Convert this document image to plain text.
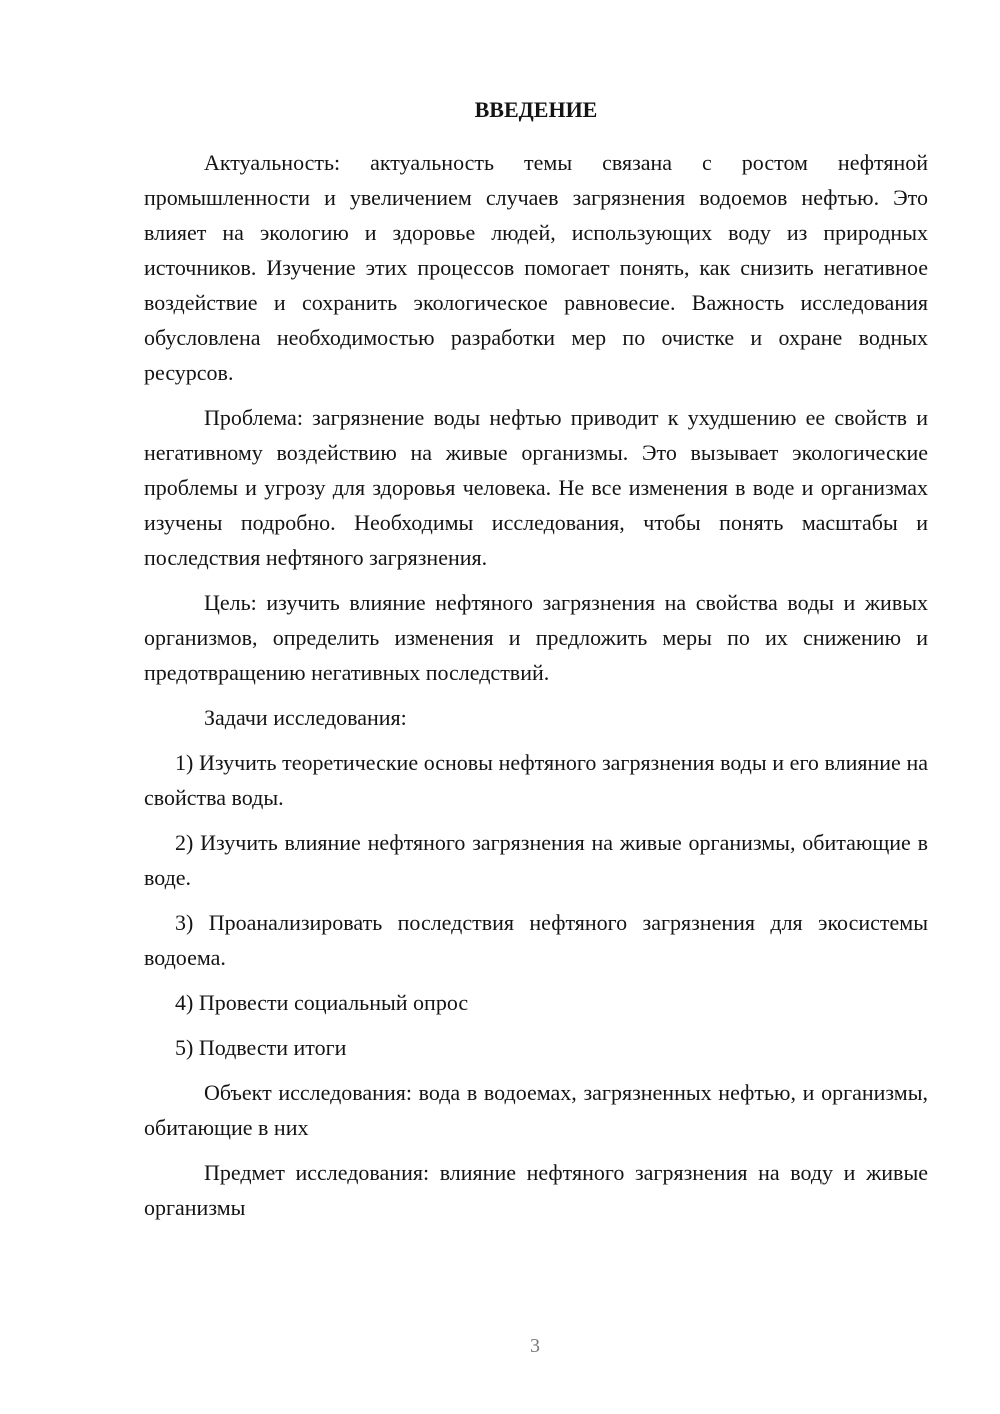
ВВЕДЕНИЕ

Актуальность: актуальность темы связана с ростом нефтяной промышленности и увеличением случаев загрязнения водоемов нефтью. Это влияет на экологию и здоровье людей, использующих воду из природных источников. Изучение этих процессов помогает понять, как снизить негативное воздействие и сохранить экологическое равновесие. Важность исследования обусловлена необходимостью разработки мер по очистке и охране водных ресурсов.

Проблема: загрязнение воды нефтью приводит к ухудшению ее свойств и негативному воздействию на живые организмы. Это вызывает экологические проблемы и угрозу для здоровья человека. Не все изменения в воде и организмах изучены подробно. Необходимы исследования, чтобы понять масштабы и последствия нефтяного загрязнения.

Цель: изучить влияние нефтяного загрязнения на свойства воды и живых организмов, определить изменения и предложить меры по их снижению и предотвращению негативных последствий.

Задачи исследования:

1) Изучить теоретические основы нефтяного загрязнения воды и его влияние на свойства воды.

2) Изучить влияние нефтяного загрязнения на живые организмы, обитающие в воде.

3) Проанализировать последствия нефтяного загрязнения для экосистемы водоема.

4) Провести социальный опрос

5) Подвести итоги

Объект исследования: вода в водоемах, загрязненных нефтью, и организмы, обитающие в них

Предмет исследования: влияние нефтяного загрязнения на воду и живые организмы

3
